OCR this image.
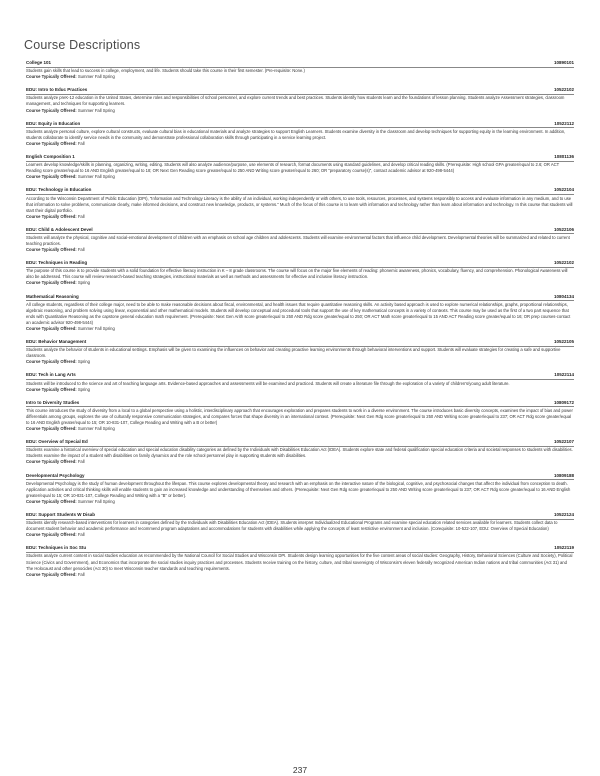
Course Descriptions
College 101	10890101
Students gain skills that lead to success in college, employment, and life. Students should take this course in their first semester. (Pre-requisite: None.)
Course Typically Offered: Summer Fall Spring
EDU: Intro to Educ Practices	10522102
Students analyze preK-12 education in the United States, determine roles and responsibilities of school personnel, and explore current trends and best practices. Students identify how students learn and the foundations of lesson planning. Students analyze Assessment strategies, classroom management, and techniques for supporting learners.
Course Typically Offered: Summer Fall Spring
EDU: Equity in Education	10522112
Students analyze personal culture, explore cultural constructs, evaluate cultural bias in educational materials and analyze strategies to support English Learners. Students examine diversity in the classroom and develop techniques for supporting equity in the learning environment. In addition, students collaborate to identify service needs in the community and demonstrate professional collaboration skills through participating in a service learning project.
Course Typically Offered: Fall
English Composition 1	10801136
Learners develop knowledge/skills in planning, organizing, writing, editing. Students will also analyze audience/purpose, use elements of research, format documents using standard guidelines, and develop critical reading skills. (Prerequisite: High school GPA greater/equal to 2.6; OR ACT Reading score greater/equal to 16 AND English greater/equal to 18; OR Next Gen Reading score greater/equal to 250 AND Writing score greater/equal to 260; OR "preparatory course(s)", contact academic advisor at 920-498-5444)
Course Typically Offered: Summer Fall Spring
EDU: Technology in Education	10522104
According to the Wisconsin Department of Public Education (DPI), "Information and Technology Literacy is the ability of an individual, working independently or with others, to use tools, resources, processes, and systems responsibly to access and evaluate information in any medium, and to use that information to solve problems, communicate clearly, make informed decisions, and construct new knowledge, products, or systems." Much of the focus of this course is to learn with information and technology rather than learn about information and technology. In this course that students will start their digital portfolio.
Course Typically Offered: Fall
EDU: Child & Adolescent Devel	10522106
Students will analyze the physical, cognitive and social-emotional development of children with an emphasis on school age children and adolescents. Students will examine environmental factors that influence child development. Developmental theories will be summarized and related to current teaching practices.
Course Typically Offered: Fall
EDU: Techniques in Reading	10522102
The purpose of this course is to provide students with a solid foundation for effective literacy instruction in K – 8 grade classrooms. The course will focus on the major five elements of reading: phonemic awareness, phonics, vocabulary, fluency, and comprehension. Phonological Awareness will also be addressed. This course will review research-based teaching strategies, instructional materials as well as methods and assessments for effective and inclusive literacy instruction.
Course Typically Offered: Spring
Mathematical Reasoning	10804134
All college students, regardless of their college major, need to be able to make reasonable decisions about fiscal, environmental, and health issues that require quantitative reasoning skills. An activity based approach is used to explore numerical relationships, graphs, proportional relationships, algebraic reasoning, and problem solving using linear, exponential and other mathematical models. Students will develop conceptual and procedural tools that support the use of key mathematical concepts in a variety of contexts. This course may be used as the first of a two part sequence that ends with Quantitative Reasoning as the capstone general education math requirement. (Prerequisite: Next Gen Arith score greater/equal to 250 AND Rdg score greater/equal to 250; OR ACT Math score greater/equal to 15 AND ACT Reading score greater/equal to 16; OR prep courses-contact an academic advisor 920-498-5444)
Course Typically Offered: Summer Fall Spring
EDU: Behavior Management	10522105
Students analyze the behavior of students in educational settings. Emphasis will be given to examining the influences on behavior and creating proactive learning environments through behavioral interventions and support. Students will evaluate strategies for creating a safe and supportive classroom.
Course Typically Offered: Spring
EDU: Tech in Lang Arts	10522114
Students will be introduced to the science and art of teaching language arts. Evidence-based approaches and assessments will be examined and practiced. Students will create a literature file through the exploration of a variety of children's/young adult literature.
Course Typically Offered: Spring
Intro to Diversity Studies	10809172
This course introduces the study of diversity from a local to a global perspective using a holistic, interdisciplinary approach that encourages exploration and prepares students to work in a diverse environment. The course introduces basic diversity concepts, examines the impact of bias and power differentials among groups, explores the use of culturally responsive communication strategies, and compares forces that shape diversity in an international context. (Prerequisite: Next Gen Rdg score greater/equal to 250 AND Writing score greater/equal to 237; OR ACT Rdg score greater/equal to 16 AND English greater/equal to 15; OR 10-831-107, College Reading and Writing with a B or better)
Course Typically Offered: Summer Fall Spring
EDU: Overview of Special Ed	10522107
Students examine a historical overview of special education and special education disability categories as defined by the Individuals with Disabilities Education Act (IDEA). Students explore state and federal qualification special education criteria and societal responses to students with disabilities. Students examine the impact of a student with disabilities on family dynamics and the role school personnel play in supporting students with disabilities.
Course Typically Offered: Fall
Developmental Psychology	10809188
Developmental Psychology is the study of human development throughout the lifespan. This course explores developmental theory and research with an emphasis on the interactive nature of the biological, cognitive, and psychosocial changes that affect the individual from conception to death. Application activities and critical thinking skills will enable students to gain an increased knowledge and understanding of themselves and others. (Prerequisite: Next Gen Rdg score greater/equal to 250 AND Writing score greater/equal to 237; OR ACT Rdg score greater/equal to 16 AND English greater/equal to 15; OR 10-831-107, College Reading and Writing with a "B" or better).
Course Typically Offered: Summer Fall Spring
EDU: Support Students W Disab	10522124
Students identify research-based interventions for learners in categories defined by the Individuals with Disabilities Education Act (IDEA). Students interpret Individualized Educational Programs and examine special education related services available for learners. Students collect data to document student behavior and academic performance and recommend program adaptations and accommodations for students with disabilities while applying the concepts of least restrictive environment and inclusion. (Corequisite: 10-522-107, EDU: Overview of Special Education)
Course Typically Offered: Fall
EDU: Techniques in Soc Stu	10522119
Students analyze current content in social studies education as recommended by the National Council for Social Studies and Wisconsin DPI. Students design learning opportunities for the five content areas of social studies: Geography, History, Behavioral Sciences (Culture and Society), Political Science (Civics and Government), and Economics that incorporate the social studies inquiry practices and processes. Students receive training on the history, culture, and tribal sovereignty of Wisconsin's eleven federally recognized American Indian nations and tribal communities (Act 31) and The Holocaust and other genocides (Act 30) to meet Wisconsin teacher standards and teaching requirements.
Course Typically Offered: Fall
237
